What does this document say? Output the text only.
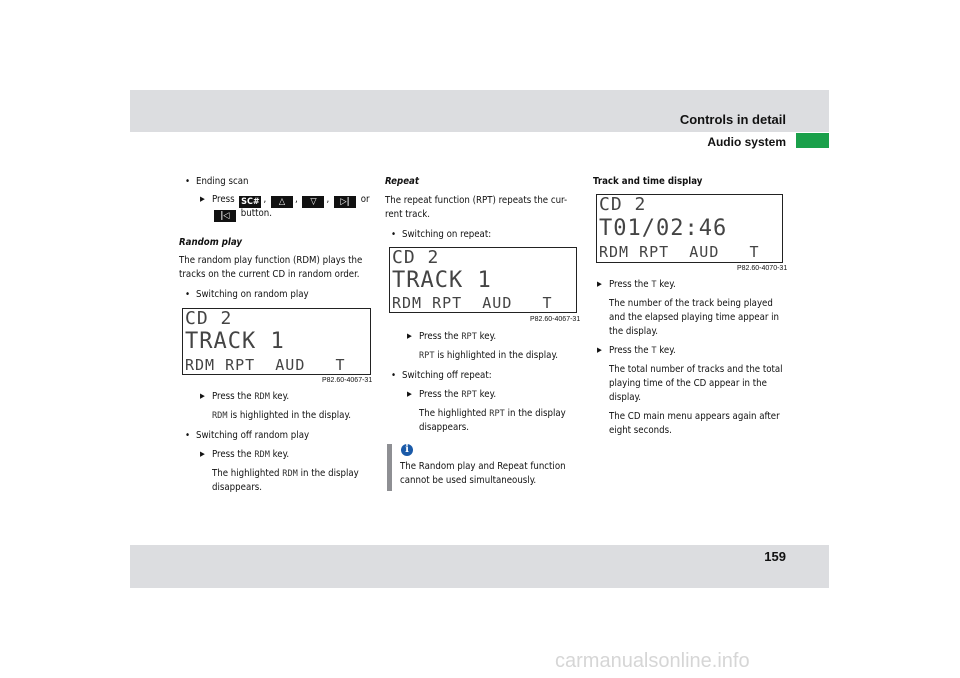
Controls in detail
Audio system
159
• Ending scan
▶ Press SC# , △ , ▽ , ▷| or
|◁ button.
Random play
The random play function (RDM) plays the
tracks on the current CD in random order.
• Switching on random play
CD 2
TRACK 1
RDM RPT  AUD   T
P82.60-4067-31
▶ Press the RDM key.
RDM is highlighted in the display.
• Switching off random play
▶ Press the RDM key.
The highlighted RDM in the display
disappears.
Repeat
The repeat function (RPT) repeats the cur-
rent track.
• Switching on repeat:
CD 2
TRACK 1
RDM RPT  AUD   T
P82.60-4067-31
▶ Press the RPT key.
RPT is highlighted in the display.
• Switching off repeat:
▶ Press the RPT key.
The highlighted RPT in the display
disappears.
i
The Random play and Repeat function
cannot be used simultaneously.
Track and time display
CD 2
T01/02:46
RDM RPT  AUD   T
P82.60-4070-31
▶ Press the T key.
The number of the track being played
and the elapsed playing time appear in
the display.
▶ Press the T key.
The total number of tracks and the total
playing time of the CD appear in the
display.
The CD main menu appears again after
eight seconds.
carmanualsonline.info
